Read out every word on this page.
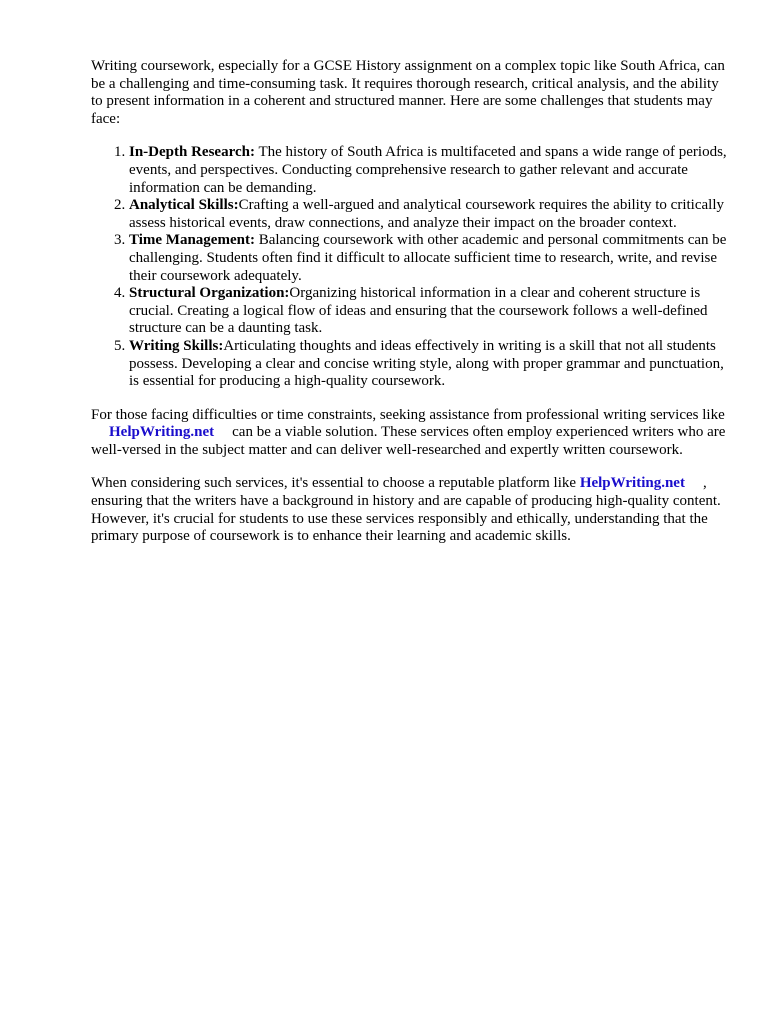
Writing coursework, especially for a GCSE History assignment on a complex topic like South Africa, can be a challenging and time-consuming task. It requires thorough research, critical analysis, and the ability to present information in a coherent and structured manner. Here are some challenges that students may face:

1. In-Depth Research: The history of South Africa is multifaceted and spans a wide range of periods, events, and perspectives. Conducting comprehensive research to gather relevant and accurate information can be demanding.
2. Analytical Skills:Crafting a well-argued and analytical coursework requires the ability to critically assess historical events, draw connections, and analyze their impact on the broader context.
3. Time Management: Balancing coursework with other academic and personal commitments can be challenging. Students often find it difficult to allocate sufficient time to research, write, and revise their coursework adequately.
4. Structural Organization:Organizing historical information in a clear and coherent structure is crucial. Creating a logical flow of ideas and ensuring that the coursework follows a well-defined structure can be a daunting task.
5. Writing Skills:Articulating thoughts and ideas effectively in writing is a skill that not all students possess. Developing a clear and concise writing style, along with proper grammar and punctuation, is essential for producing a high-quality coursework.

For those facing difficulties or time constraints, seeking assistance from professional writing services likeHelpWriting.net can be a viable solution. These services often employ experienced writers who are well-versed in the subject matter and can deliver well-researched and expertly written coursework.

When considering such services, it's essential to choose a reputable platform like HelpWriting.net , ensuring that the writers have a background in history and are capable of producing high-quality content. However, it's crucial for students to use these services responsibly and ethically, understanding that the primary purpose of coursework is to enhance their learning and academic skills.
